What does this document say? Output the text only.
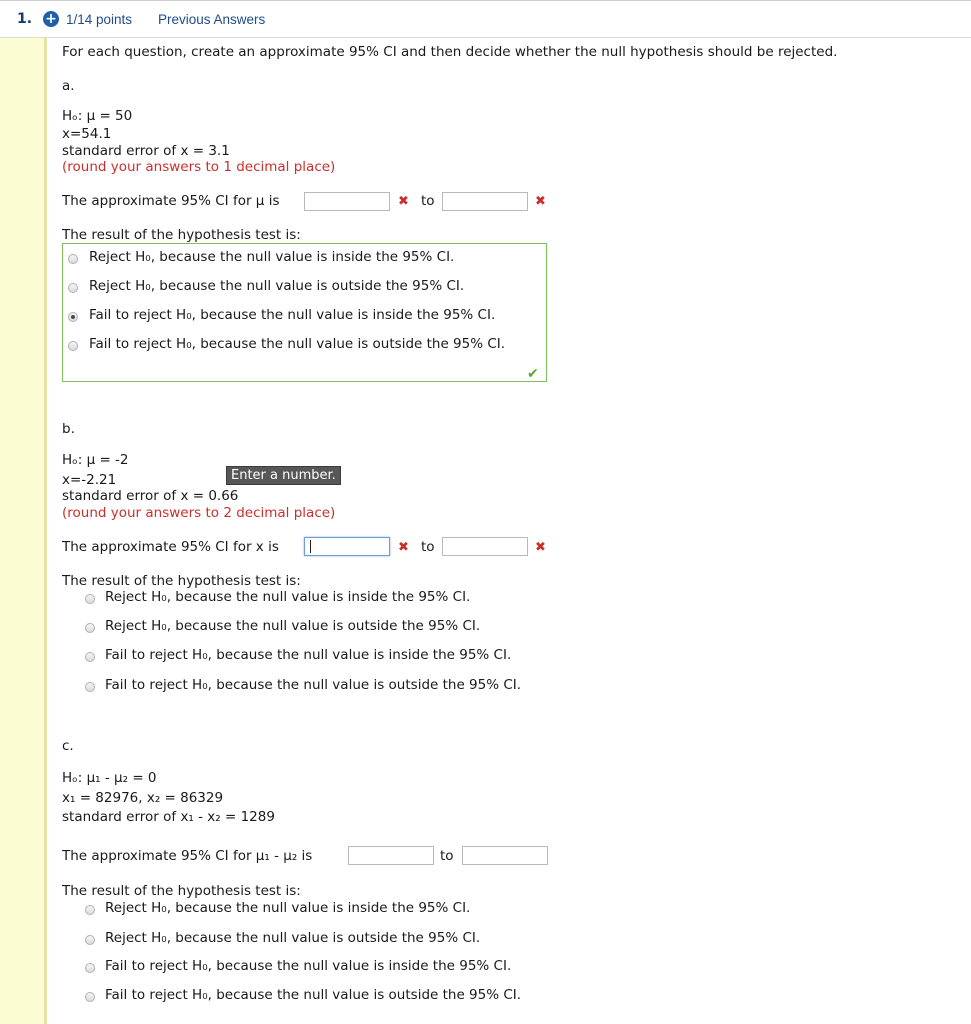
1. + 1/14 points Previous Answers
For each question, create an approximate 95% CI and then decide whether the null hypothesis should be rejected.
a.
Hₒ: μ = 50
x=54.1
standard error of x = 3.1
(round your answers to 1 decimal place)
The approximate 95% CI for μ is	✖ to	✖
The result of the hypothesis test is:
Reject H₀, because the null value is inside the 95% CI.
Reject H₀, because the null value is outside the 95% CI.
Fail to reject H₀, because the null value is inside the 95% CI.
Fail to reject H₀, because the null value is outside the 95% CI.
✔
b.
Hₒ: μ = -2
x=-2.21	Enter a number.
standard error of x = 0.66
(round your answers to 2 decimal place)
The approximate 95% CI for x is	✖ to	✖
The result of the hypothesis test is:
Reject H₀, because the null value is inside the 95% CI.
Reject H₀, because the null value is outside the 95% CI.
Fail to reject H₀, because the null value is inside the 95% CI.
Fail to reject H₀, because the null value is outside the 95% CI.
c.
Hₒ: μ₁ - μ₂ = 0
x₁ = 82976, x₂ = 86329
standard error of x₁ - x₂ = 1289
The approximate 95% CI for μ₁ - μ₂ is	to
The result of the hypothesis test is:
Reject H₀, because the null value is inside the 95% CI.
Reject H₀, because the null value is outside the 95% CI.
Fail to reject H₀, because the null value is inside the 95% CI.
Fail to reject H₀, because the null value is outside the 95% CI.
